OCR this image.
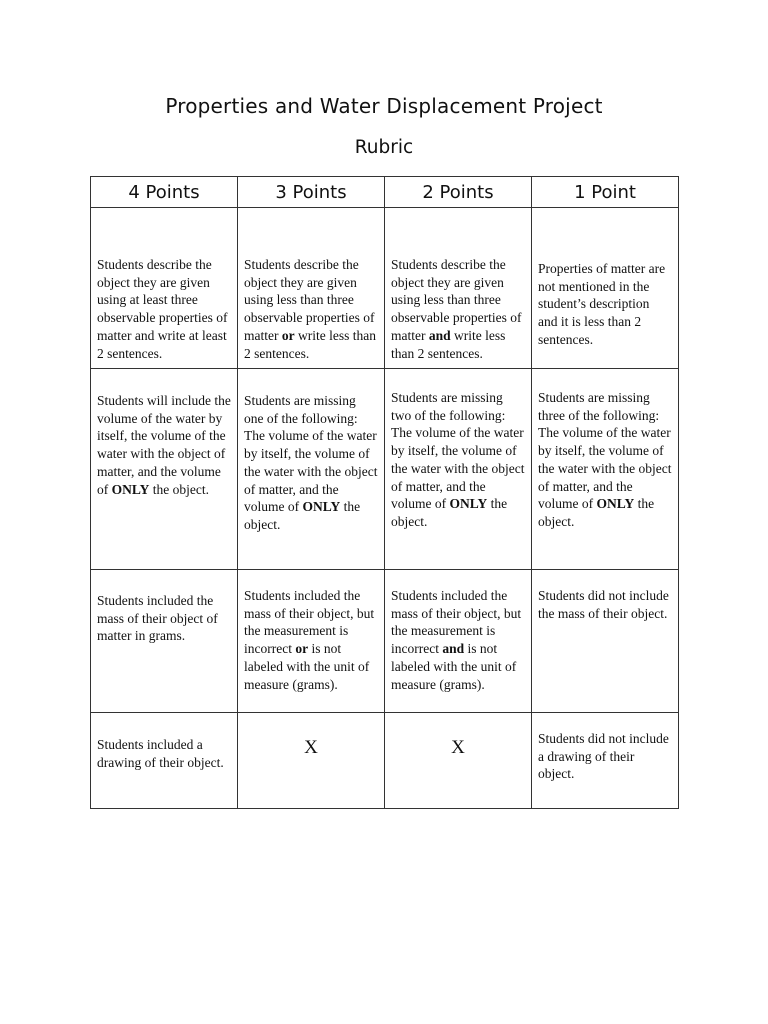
Properties and Water Displacement Project
Rubric
4 Points	3 Points	2 Points	1 Point

Students describe the object they are given using at least three observable properties of matter and write at least 2 sentences.	Students describe the object they are given using less than three observable properties of matter or write less than 2 sentences.	Students describe the object they are given using less than three observable properties of matter and write less than 2 sentences.	Properties of matter are not mentioned in the student’s description and it is less than 2 sentences.

Students will include the volume of the water by itself, the volume of the water with the object of matter, and the volume of ONLY the object.	Students are missing one of the following: The volume of the water by itself, the volume of the water with the object of matter, and the volume of ONLY the object.	Students are missing two of the following: The volume of the water by itself, the volume of the water with the object of matter, and the volume of ONLY the object.	Students are missing three of the following: The volume of the water by itself, the volume of the water with the object of matter, and the volume of ONLY the object.

Students included the mass of their object of matter in grams.	Students included the mass of their object, but the measurement is incorrect or is not labeled with the unit of measure (grams).	Students included the mass of their object, but the measurement is incorrect and is not labeled with the unit of measure (grams).	Students did not include the mass of their object.

Students included a drawing of their object.	X	X	Students did not include a drawing of their object.
